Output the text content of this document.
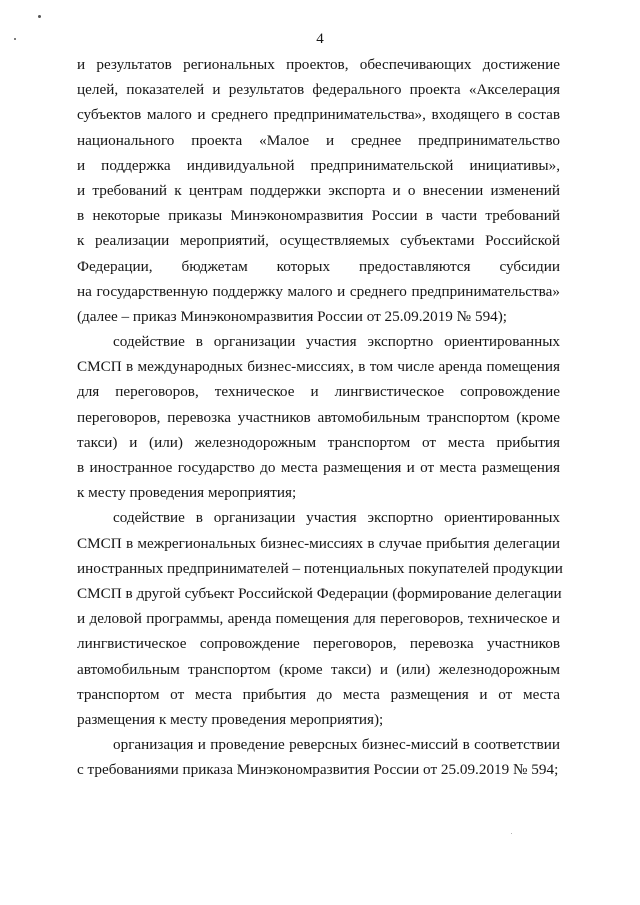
4

и результатов региональных проектов, обеспечивающих достижение
целей, показателей и результатов федерального проекта «Акселерация
субъектов малого и среднего предпринимательства», входящего в состав
национального проекта «Малое и среднее предпринимательство
и поддержка индивидуальной предпринимательской инициативы»,
и требований к центрам поддержки экспорта и о внесении изменений
в некоторые приказы Минэкономразвития России в части требований
к реализации мероприятий, осуществляемых субъектами Российской
Федерации, бюджетам которых предоставляются субсидии
на государственную поддержку малого и среднего предпринимательства»
(далее – приказ Минэкономразвития России от 25.09.2019 № 594);

содействие в организации участия экспортно ориентированных
СМСП в международных бизнес-миссиях, в том числе аренда помещения
для переговоров, техническое и лингвистическое сопровождение
переговоров, перевозка участников автомобильным транспортом (кроме
такси) и (или) железнодорожным транспортом от места прибытия
в иностранное государство до места размещения и от места размещения
к месту проведения мероприятия;

содействие в организации участия экспортно ориентированных
СМСП в межрегиональных бизнес-миссиях в случае прибытия делегации
иностранных предпринимателей – потенциальных покупателей продукции
СМСП в другой субъект Российской Федерации (формирование делегации
и деловой программы, аренда помещения для переговоров, техническое и
лингвистическое сопровождение переговоров, перевозка участников
автомобильным транспортом (кроме такси) и (или) железнодорожным
транспортом от места прибытия до места размещения и от места
размещения к месту проведения мероприятия);

организация и проведение реверсных бизнес-миссий в соответствии
с требованиями приказа Минэкономразвития России от 25.09.2019 № 594;
